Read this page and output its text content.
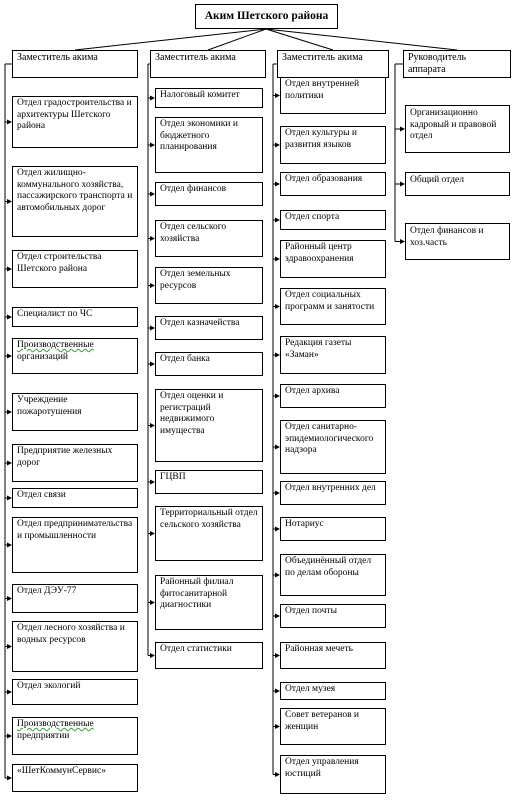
Аким Шетского района
Заместитель акима
Отдел градостроительства и архитектуры Шетского района
Отдел жилищно-коммунального хозяйства, пассажирского транспорта и автомобильных дорог
Отдел строительства Шетского района
Специалист по ЧС
Производственные организаций
Учреждение пожаротушения
Предприятие железных дорог
Отдел связи
Отдел предпринимательства и промышленности
Отдел ДЭУ-77
Отдел лесного хозяйства и водных ресурсов
Отдел экологий
Производственные предприятии
«ШетКоммунСервис»
Заместитель акима
Налоговый комитет
Отдел экономики и бюджетного планирования
Отдел финансов
Отдел сельского хозяйства
Отдел земельных ресурсов
Отдел казначейства
Отдел банка
Отдел оценки и регистраций недвижимого имущества
ГЦВП
Территориальный отдел сельского хозяйства
Районный филиал фитосанитарной диагностики
Отдел статистики
Заместитель акима
Отдел внутренней политики
Отдел культуры и развития языков
Отдел образования
Отдел спорта
Районный центр здравоохранения
Отдел социальных программ и занятости
Редакция газеты «Заман»
Отдел архива
Отдел санитарно-эпидемиологического надзора
Отдел внутренних дел
Нотариус
Объединённый отдел по делам обороны
Отдел почты
Районная мечеть
Отдел музея
Совет ветеранов и женщин
Отдел управления юстиций
Руководитель аппарата
Организационно кадровый и правовой отдел
Общий отдел
Отдел финансов и хоз.часть
